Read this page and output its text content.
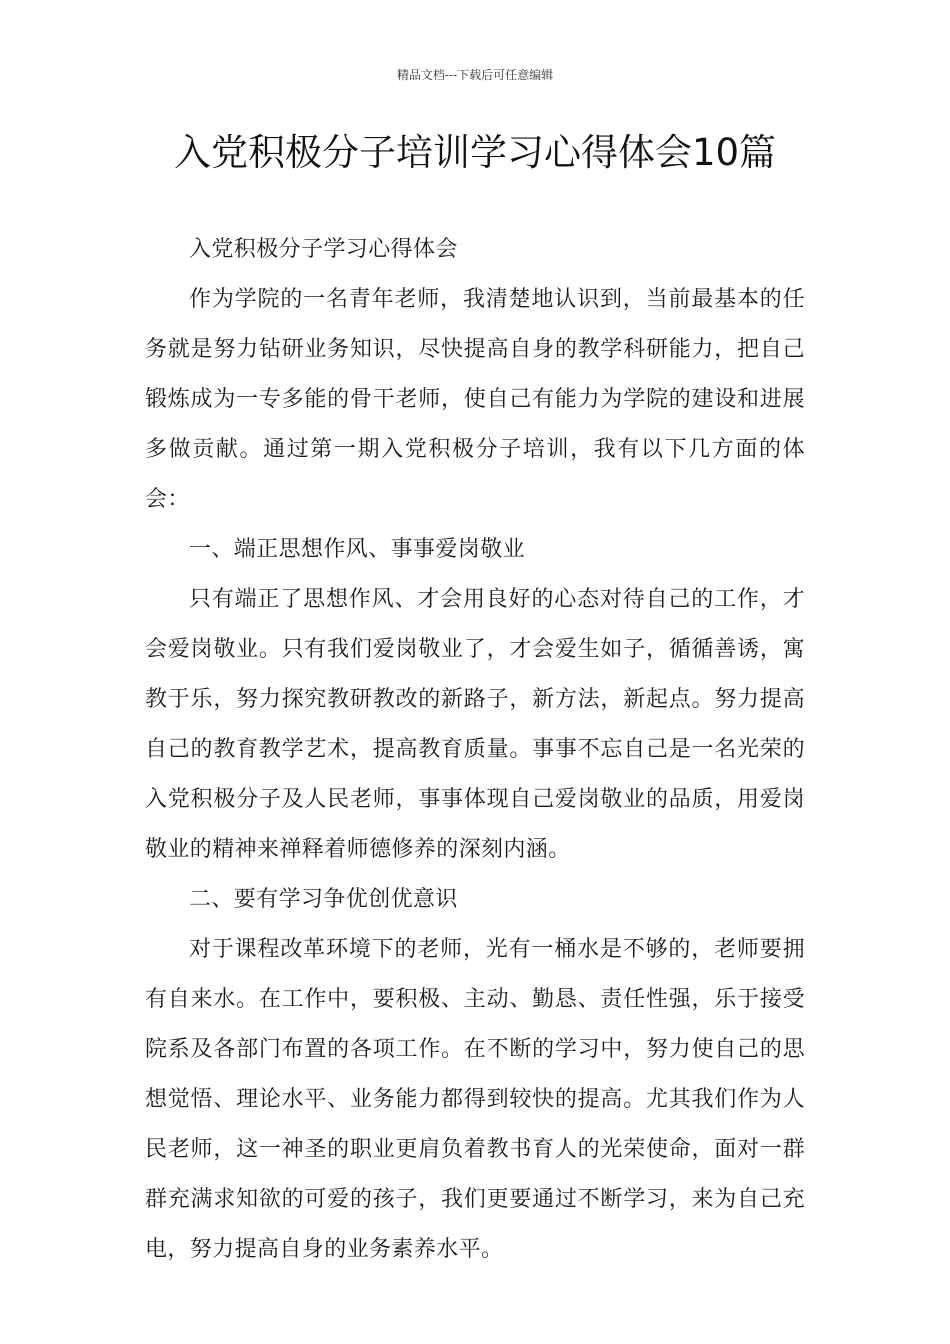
精品文档---下载后可任意编辑
入党积极分子培训学习心得体会10篇

入党积极分子学习心得体会

作为学院的一名青年老师，我清楚地认识到，当前最基本的任务就是努力钻研业务知识，尽快提高自身的教学科研能力，把自己锻炼成为一专多能的骨干老师，使自己有能力为学院的建设和进展多做贡献。通过第一期入党积极分子培训，我有以下几方面的体会：

一、端正思想作风、事事爱岗敬业

只有端正了思想作风、才会用良好的心态对待自己的工作，才会爱岗敬业。只有我们爱岗敬业了，才会爱生如子，循循善诱，寓教于乐，努力探究教研教改的新路子，新方法，新起点。努力提高自己的教育教学艺术，提高教育质量。事事不忘自己是一名光荣的入党积极分子及人民老师，事事体现自己爱岗敬业的品质，用爱岗敬业的精神来禅释着师德修养的深刻内涵。

二、要有学习争优创优意识

对于课程改革环境下的老师，光有一桶水是不够的，老师要拥有自来水。在工作中，要积极、主动、勤恳、责任性强，乐于接受院系及各部门布置的各项工作。在不断的学习中，努力使自己的思想觉悟、理论水平、业务能力都得到较快的提高。尤其我们作为人民老师，这一神圣的职业更肩负着教书育人的光荣使命，面对一群群充满求知欲的可爱的孩子，我们更要通过不断学习，来为自己充电，努力提高自身的业务素养水平。
